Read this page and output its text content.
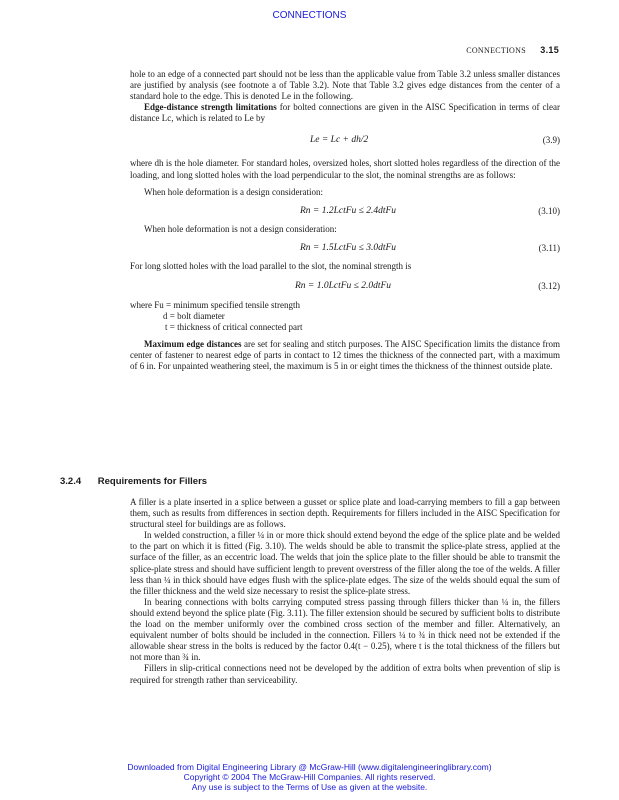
CONNECTIONS
CONNECTIONS 3.15

hole to an edge of a connected part should not be less than the applicable value from Table 3.2 unless smaller distances are justified by analysis (see footnote a of Table 3.2). Note that Table 3.2 gives edge distances from the center of a standard hole to the edge. This is denoted Le in the following.

Edge-distance strength limitations for bolted connections are given in the AISC Specification in terms of clear distance Lc, which is related to Le by

Le = Lc + dh/2	(3.9)

where dh is the hole diameter. For standard holes, oversized holes, short slotted holes regardless of the direction of the loading, and long slotted holes with the load perpendicular to the slot, the nominal strengths are as follows:

When hole deformation is a design consideration:

Rn = 1.2LctFu ≤ 2.4dtFu	(3.10)

When hole deformation is not a design consideration:

Rn = 1.5LctFu ≤ 3.0dtFu	(3.11)

For long slotted holes with the load parallel to the slot, the nominal strength is

Rn = 1.0LctFu ≤ 2.0dtFu	(3.12)
where Fu = minimum specified tensile strength
d = bolt diameter
t = thickness of critical connected part

Maximum edge distances are set for sealing and stitch purposes. The AISC Specification limits the distance from center of fastener to nearest edge of parts in contact to 12 times the thickness of the connected part, with a maximum of 6 in. For unpainted weathering steel, the maximum is 5 in or eight times the thickness of the thinnest outside plate.

3.2.4 Requirements for Fillers

A filler is a plate inserted in a splice between a gusset or splice plate and load-carrying members to fill a gap between them, such as results from differences in section depth. Requirements for fillers included in the AISC Specification for structural steel for buildings are as follows.

In welded construction, a filler ¼ in or more thick should extend beyond the edge of the splice plate and be welded to the part on which it is fitted (Fig. 3.10). The welds should be able to transmit the splice-plate stress, applied at the surface of the filler, as an eccentric load. The welds that join the splice plate to the filler should be able to transmit the splice-plate stress and should have sufficient length to prevent overstress of the filler along the toe of the welds. A filler less than ¼ in thick should have edges flush with the splice-plate edges. The size of the welds should equal the sum of the filler thickness and the weld size necessary to resist the splice-plate stress.

In bearing connections with bolts carrying computed stress passing through fillers thicker than ¼ in, the fillers should extend beyond the splice plate (Fig. 3.11). The filler extension should be secured by sufficient bolts to distribute the load on the member uniformly over the combined cross section of the member and filler. Alternatively, an equivalent number of bolts should be included in the connection. Fillers ¼ to ¾ in thick need not be extended if the allowable shear stress in the bolts is reduced by the factor 0.4(t − 0.25), where t is the total thickness of the fillers but not more than ¾ in.

Fillers in slip-critical connections need not be developed by the addition of extra bolts when prevention of slip is required for strength rather than serviceability.

Downloaded from Digital Engineering Library @ McGraw-Hill (www.digitalengineeringlibrary.com)
Copyright © 2004 The McGraw-Hill Companies. All rights reserved.
Any use is subject to the Terms of Use as given at the website.
